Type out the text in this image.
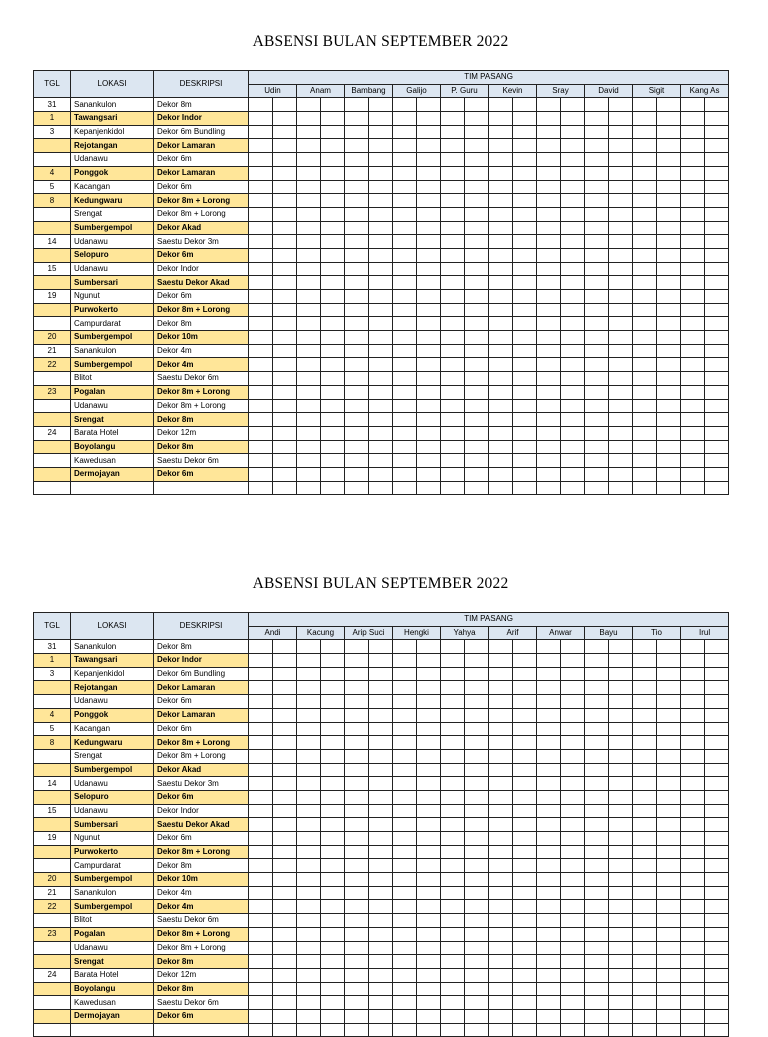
ABSENSI BULAN SEPTEMBER 2022
TGL	LOKASI	DESKRIPSI	TIM PASANG																			
			Udin		Anam		Bambang		Galijo		P. Guru		Kevin		Sray		David		Sigit		Kang As	
31	Sanankulon	Dekor 8m																				
1	Tawangsari	Dekor Indor																				
3	Kepanjenkidol	Dekor 6m Bundling																				
	Rejotangan	Dekor Lamaran																				
	Udanawu	Dekor 6m																				
4	Ponggok	Dekor Lamaran																				
5	Kacangan	Dekor 6m																				
8	Kedungwaru	Dekor 8m + Lorong																				
	Srengat	Dekor 8m + Lorong																				
	Sumbergempol	Dekor Akad																				
14	Udanawu	Saestu Dekor 3m																				
	Selopuro	Dekor 6m																				
15	Udanawu	Dekor Indor																				
	Sumbersari	Saestu Dekor Akad																				
19	Ngunut	Dekor 6m																				
	Purwokerto	Dekor 8m + Lorong																				
	Campurdarat	Dekor 8m																				
20	Sumbergempol	Dekor 10m																				
21	Sanankulon	Dekor 4m																				
22	Sumbergempol	Dekor 4m																				
	Blitot	Saestu Dekor 6m																				
23	Pogalan	Dekor 8m + Lorong																				
	Udanawu	Dekor 8m + Lorong																				
	Srengat	Dekor 8m																				
24	Barata Hotel	Dekor 12m																				
	Boyolangu	Dekor 8m																				
	Kawedusan	Saestu Dekor 6m																				
	Dermojayan	Dekor 6m																				

ABSENSI BULAN SEPTEMBER 2022
TGL	LOKASI	DESKRIPSI	TIM PASANG																			
			Andi		Kacung		Arip Suci		Hengki		Yahya		Arif		Anwar		Bayu		Tio		Irul	
31	Sanankulon	Dekor 8m																				
1	Tawangsari	Dekor Indor																				
3	Kepanjenkidol	Dekor 6m Bundling																				
	Rejotangan	Dekor Lamaran																				
	Udanawu	Dekor 6m																				
4	Ponggok	Dekor Lamaran																				
5	Kacangan	Dekor 6m																				
8	Kedungwaru	Dekor 8m + Lorong																				
	Srengat	Dekor 8m + Lorong																				
	Sumbergempol	Dekor Akad																				
14	Udanawu	Saestu Dekor 3m																				
	Selopuro	Dekor 6m																				
15	Udanawu	Dekor Indor																				
	Sumbersari	Saestu Dekor Akad																				
19	Ngunut	Dekor 6m																				
	Purwokerto	Dekor 8m + Lorong																				
	Campurdarat	Dekor 8m																				
20	Sumbergempol	Dekor 10m																				
21	Sanankulon	Dekor 4m																				
22	Sumbergempol	Dekor 4m																				
	Blitot	Saestu Dekor 6m																				
23	Pogalan	Dekor 8m + Lorong																				
	Udanawu	Dekor 8m + Lorong																				
	Srengat	Dekor 8m																				
24	Barata Hotel	Dekor 12m																				
	Boyolangu	Dekor 8m																				
	Kawedusan	Saestu Dekor 6m																				
	Dermojayan	Dekor 6m																				
